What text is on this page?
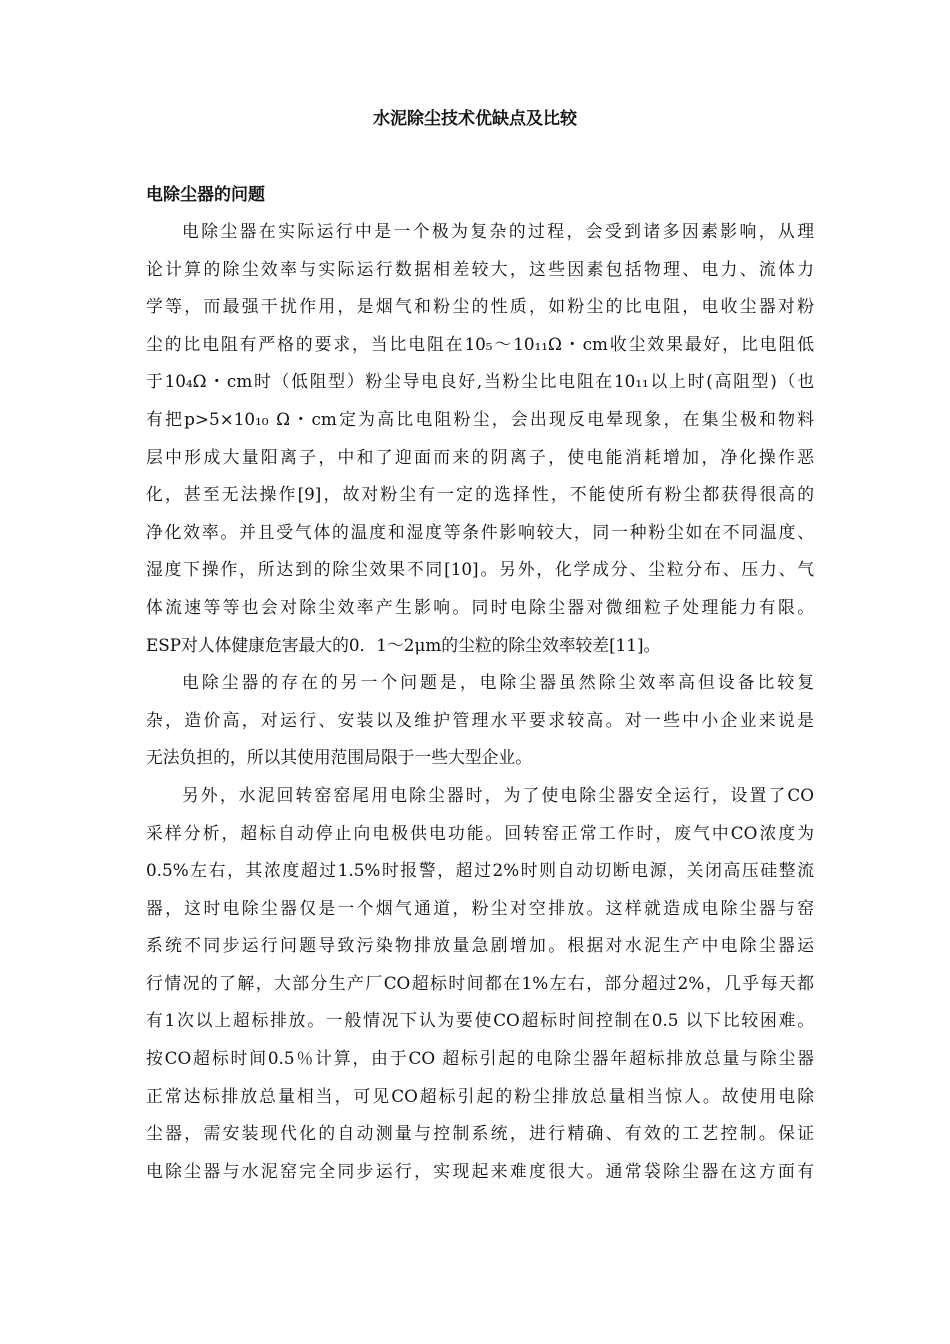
水泥除尘技术优缺点及比较
电除尘器的问题
电除尘器在实际运行中是一个极为复杂的过程，会受到诸多因素影响，从理
论计算的除尘效率与实际运行数据相差较大，这些因素包括物理、电力、流体力
学等，而最强干扰作用，是烟气和粉尘的性质，如粉尘的比电阻，电收尘器对粉
尘的比电阻有严格的要求，当比电阻在10₅～10₁₁Ω・cm收尘效果最好，比电阻低
于10₄Ω・cm时（低阻型）粉尘导电良好,当粉尘比电阻在10₁₁以上时(高阻型)（也
有把p>5×10₁₀ Ω・cm定为高比电阻粉尘，会出现反电晕现象，在集尘极和物料
层中形成大量阳离子，中和了迎面而来的阴离子，使电能消耗增加，净化操作恶
化，甚至无法操作[9]，故对粉尘有一定的选择性，不能使所有粉尘都获得很高的
净化效率。并且受气体的温度和湿度等条件影响较大，同一种粉尘如在不同温度、
湿度下操作，所达到的除尘效果不同[10]。另外，化学成分、尘粒分布、压力、气
体流速等等也会对除尘效率产生影响。同时电除尘器对微细粒子处理能力有限。
ESP对人体健康危害最大的0．1～2μm的尘粒的除尘效率较差[11]。
电除尘器的存在的另一个问题是，电除尘器虽然除尘效率高但设备比较复
杂，造价高，对运行、安装以及维护管理水平要求较高。对一些中小企业来说是
无法负担的，所以其使用范围局限于一些大型企业。
另外，水泥回转窑窑尾用电除尘器时，为了使电除尘器安全运行，设置了CO
采样分析，超标自动停止向电极供电功能。回转窑正常工作时，废气中CO浓度为
0.5%左右，其浓度超过1.5%时报警，超过2%时则自动切断电源，关闭高压硅整流
器，这时电除尘器仅是一个烟气通道，粉尘对空排放。这样就造成电除尘器与窑
系统不同步运行问题导致污染物排放量急剧增加。根据对水泥生产中电除尘器运
行情况的了解，大部分生产厂CO超标时间都在1%左右，部分超过2%，几乎每天都
有1次以上超标排放。一般情况下认为要使CO超标时间控制在0.5 以下比较困难。
按CO超标时间0.5％计算，由于CO 超标引起的电除尘器年超标排放总量与除尘器
正常达标排放总量相当，可见CO超标引起的粉尘排放总量相当惊人。故使用电除
尘器，需安装现代化的自动测量与控制系统，进行精确、有效的工艺控制。保证
电除尘器与水泥窑完全同步运行，实现起来难度很大。通常袋除尘器在这方面有
